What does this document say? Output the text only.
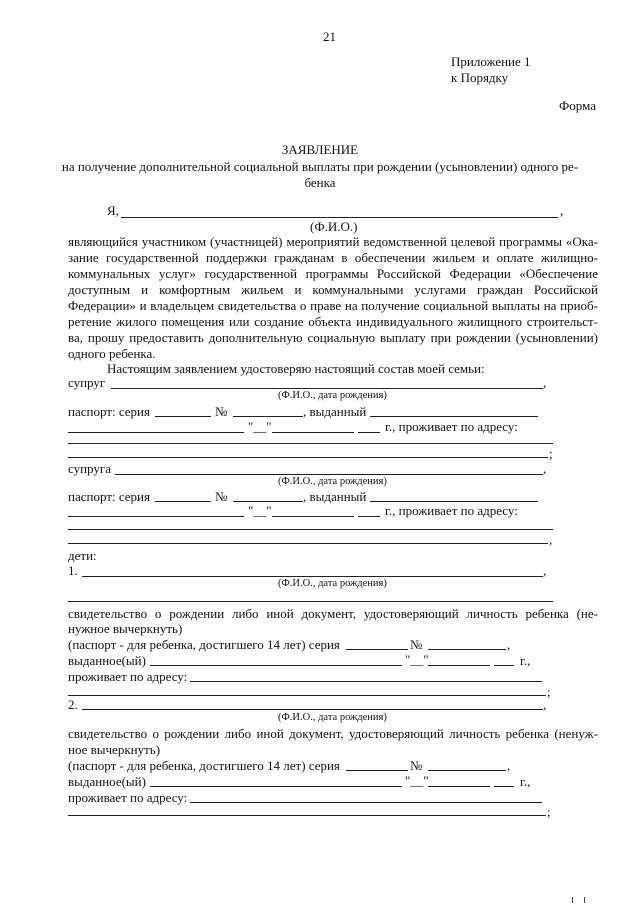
21
Приложение 1
к Порядку
Форма
ЗАЯВЛЕНИЕ
на получение дополнительной социальной выплаты при рождении (усыновлении) одного ре-
бенка
Я,	,
(Ф.И.О.)
являющийся участником (участницей) мероприятий ведомственной целевой программы «Ока-
зание государственной поддержки гражданам в обеспечении жильем и оплате жилищно-
коммунальных услуг» государственной программы Российской Федерации «Обеспечение
доступным и комфортным жильем и коммунальными услугами граждан Российской
Федерации» и владельцем свидетельства о праве на получение социальной выплаты на приоб-
ретение жилого помещения или создание объекта индивидуального жилищного строительст-
ва, прошу предоставить дополнительную социальную выплату при рождении (усыновлении)
одного ребенка.
Настоящим заявлением удостоверяю настоящий состав моей семьи:
супруг	,
(Ф.И.О., дата рождения)
паспорт: серия	№	, выданный
"__"	г., проживает по адресу:
;
супруга	,
(Ф.И.О., дата рождения)
паспорт: серия	№	, выданный
"__"	г., проживает по адресу:
,
дети:
1.	,
(Ф.И.О., дата рождения)
свидетельство о рождении либо иной документ, удостоверяющий личность ребенка (не-
нужное вычеркнуть)
(паспорт - для ребенка, достигшего 14 лет) серия	№	,
выданное(ый)	"__"	г.,
проживает по адресу:
;
2.	,
(Ф.И.О., дата рождения)
свидетельство о рождении либо иной документ, удостоверяющий личность ребенка (ненуж-
ное вычеркнуть)
(паспорт - для ребенка, достигшего 14 лет) серия	№	,
выданное(ый)	"__"	г.,
проживает по адресу:
;
